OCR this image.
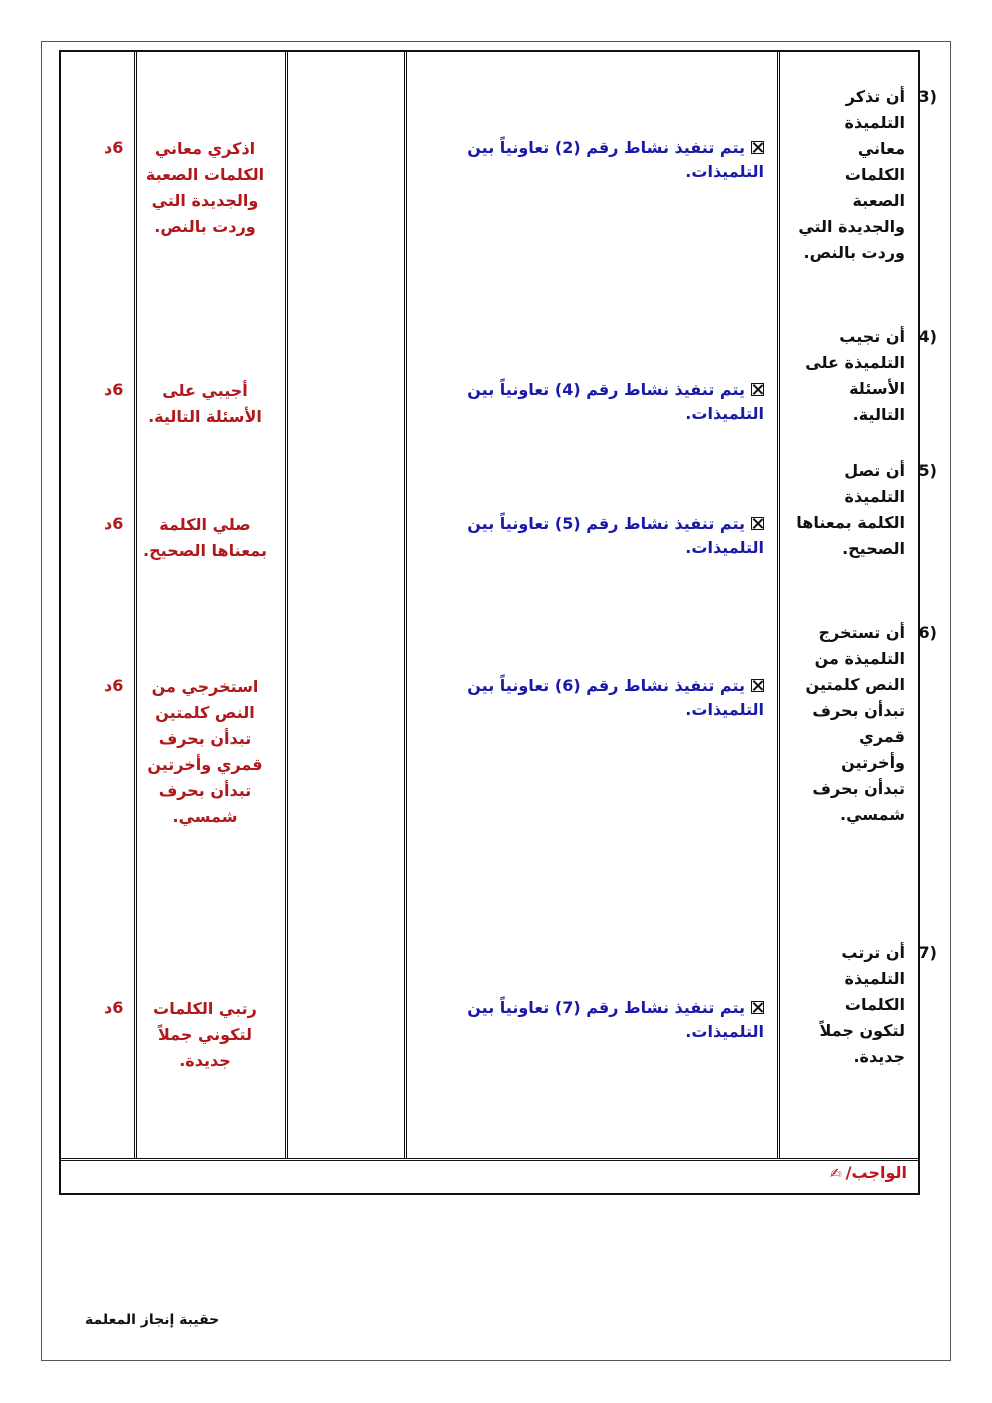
3)
أن تذكر التلميذة معاني الكلمات الصعبة والجديدة التي وردت بالنص.
يتم تنفيذ نشاط رقم (2) تعاونياً بين التلميذات.
اذكري معاني الكلمات الصعبة والجديدة التي وردت بالنص.
6د
4)
أن تجيب التلميذة على الأسئلة التالية.
يتم تنفيذ نشاط رقم (4) تعاونياً بين التلميذات.
أجيبي على الأسئلة التالية.
6د
5)
أن تصل التلميذة الكلمة بمعناها الصحيح.
يتم تنفيذ نشاط رقم (5) تعاونياً بين التلميذات.
صلي الكلمة بمعناها الصحيح.
6د
6)
أن تستخرج التلميذة من النص كلمتين تبدأن بحرف قمري وأخرتين تبدأن بحرف شمسي.
يتم تنفيذ نشاط رقم (6) تعاونياً بين التلميذات.
استخرجي من النص كلمتين تبدأن بحرف قمري وأخرتين تبدأن بحرف شمسي.
6د
7)
أن ترتب التلميذة الكلمات لتكون جملاً جديدة.
يتم تنفيذ نشاط رقم (7) تعاونياً بين التلميذات.
رتبي الكلمات لتكوني جملاً جديدة.
6د
الواجب/✍
حقيبة إنجاز المعلمة
